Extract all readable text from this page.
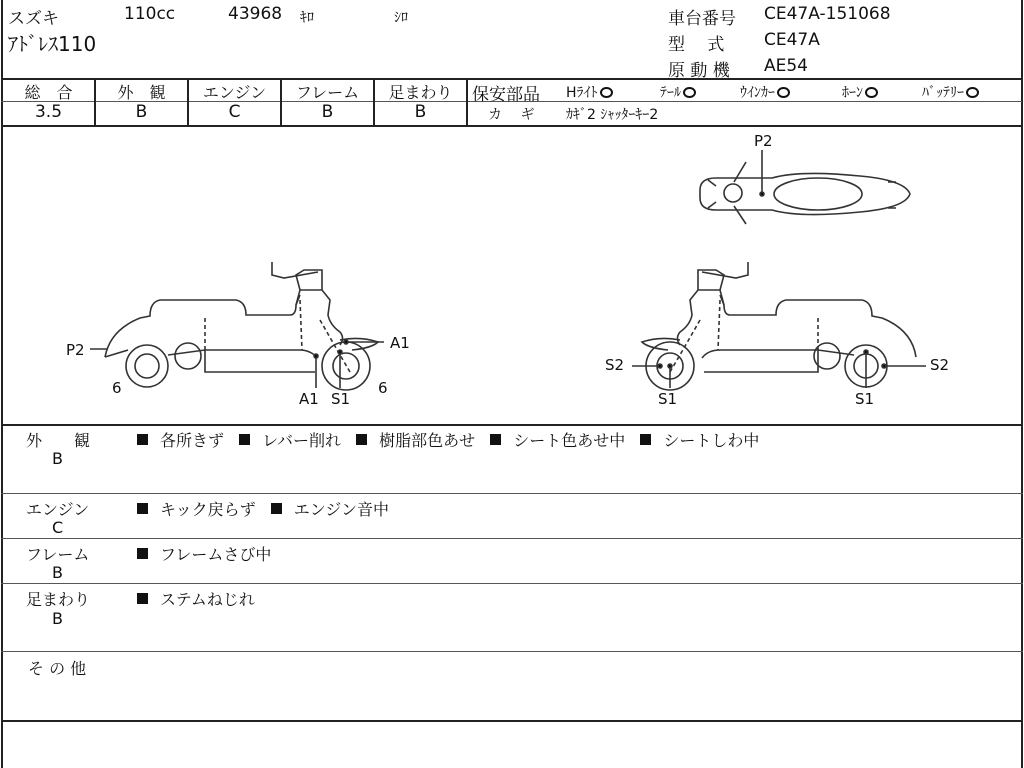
スズキ	110cc	43968 ｷﾛ	ｼﾛ
ｱﾄﾞﾚｽ110
車台番号 CE47A-151068
型　 式 CE47A
原 動 機 AE54
総　合
3.5
外　観
B
エンジン
C
フレーム
B
足まわり
B
保安部品 Hﾗｲﾄ	ﾃｰﾙ	ｳｲﾝｶｰ	ﾎｰﾝ	ﾊﾞｯﾃﾘｰ
カ　 ギ ｶｷﾞ2 ｼｬｯﾀｰｷｰ2
P2
6
A1
A1 S1
6
S2
S1	S1
S2
P2
外　　観
B
各所きず レバー削れ 樹脂部色あせ シート色あせ中 シートしわ中
エンジン
C
キック戻らず エンジン音中
フレーム
B
フレームさび中
足まわり
B
ステムねじれ
そ の 他
